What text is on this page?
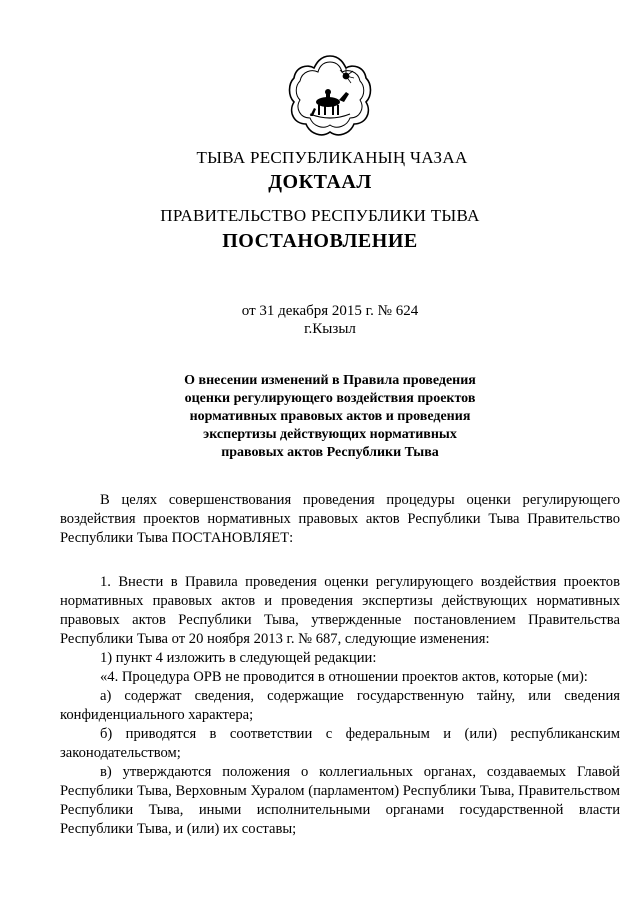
ТЫВА РЕСПУБЛИКАНЫҢ ЧАЗАА
ДОКТААЛ
ПРАВИТЕЛЬСТВО РЕСПУБЛИКИ ТЫВА
ПОСТАНОВЛЕНИЕ
от 31 декабря 2015 г. № 624
г.Кызыл
О внесении изменений в Правила проведения
оценки регулирующего воздействия проектов
нормативных правовых актов и проведения
экспертизы действующих нормативных
правовых актов Республики Тыва

В целях совершенствования проведения процедуры оценки регулирующего воздействия проектов нормативных правовых актов Республики Тыва Правительство Республики Тыва ПОСТАНОВЛЯЕТ:

1. Внести в Правила проведения оценки регулирующего воздействия проектов нормативных правовых актов и проведения экспертизы действующих нормативных правовых актов Республики Тыва, утвержденные постановлением Правительства Республики Тыва от 20 ноября 2013 г. № 687, следующие изменения:

1) пункт 4 изложить в следующей редакции:

«4. Процедура ОРВ не проводится в отношении проектов актов, которые (ми):

а) содержат сведения, содержащие государственную тайну, или сведения конфиденциального характера;

б) приводятся в соответствии с федеральным и (или) республиканским законодательством;

в) утверждаются положения о коллегиальных органах, создаваемых Главой Республики Тыва, Верховным Хуралом (парламентом) Республики Тыва, Правительством Республики Тыва, иными исполнительными органами государственной власти Республики Тыва, и (или) их составы;
